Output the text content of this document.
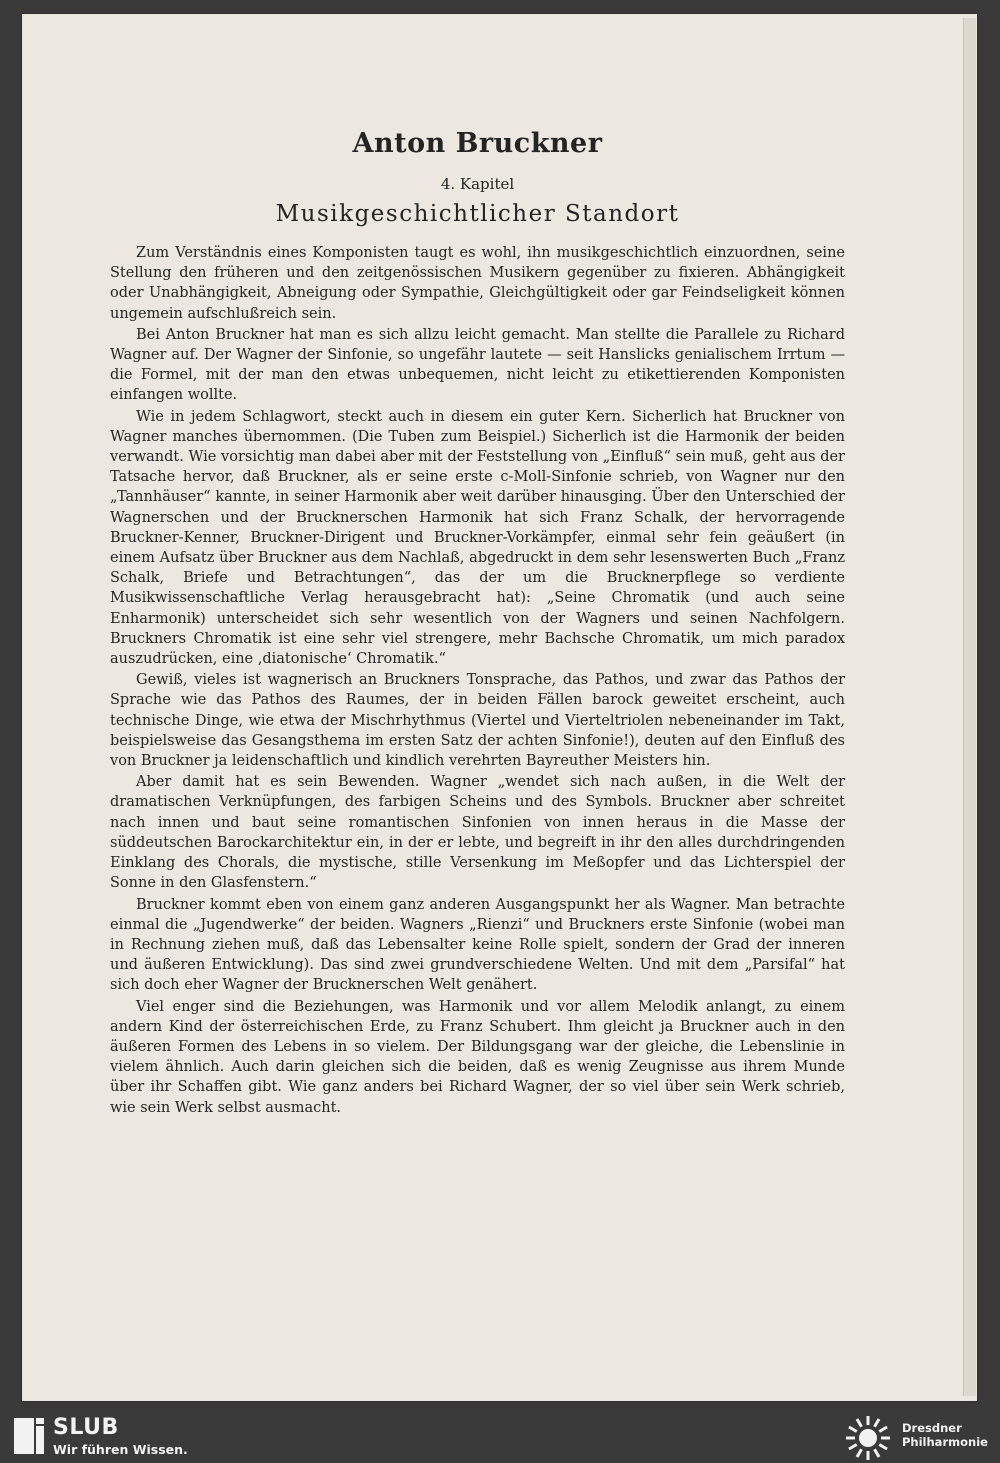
Anton Bruckner
4. Kapitel
Musikgeschichtlicher Standort

Zum Verständnis eines Komponisten taugt es wohl, ihn musikgeschichtlich einzuordnen, seine Stellung den früheren und den zeitgenössischen Musikern gegenüber zu fixieren. Abhängigkeit oder Unabhängigkeit, Abneigung oder Sympathie, Gleichgültigkeit oder gar Feindseligkeit können ungemein aufschlußreich sein.

Bei Anton Bruckner hat man es sich allzu leicht gemacht. Man stellte die Parallele zu Richard Wagner auf. Der Wagner der Sinfonie, so ungefähr lautete — seit Hanslicks genialischem Irrtum — die Formel, mit der man den etwas unbequemen, nicht leicht zu etikettierenden Komponisten einfangen wollte.

Wie in jedem Schlagwort, steckt auch in diesem ein guter Kern. Sicherlich hat Bruckner von Wagner manches übernommen. (Die Tuben zum Beispiel.) Sicherlich ist die Harmonik der beiden verwandt. Wie vorsichtig man dabei aber mit der Feststellung von „Einfluß“ sein muß, geht aus der Tatsache hervor, daß Bruckner, als er seine erste c-Moll-Sinfonie schrieb, von Wagner nur den „Tannhäuser“ kannte, in seiner Harmonik aber weit darüber hinausging. Über den Unterschied der Wagnerschen und der Brucknerschen Harmonik hat sich Franz Schalk, der hervorragende Bruckner-Kenner, Bruckner-Dirigent und Bruckner-Vorkämpfer, einmal sehr fein geäußert (in einem Aufsatz über Bruckner aus dem Nachlaß, abgedruckt in dem sehr lesenswerten Buch „Franz Schalk, Briefe und Betrachtungen“, das der um die Brucknerpflege so verdiente Musikwissenschaftliche Verlag herausgebracht hat): „Seine Chromatik (und auch seine Enharmonik) unterscheidet sich sehr wesentlich von der Wagners und seinen Nachfolgern. Bruckners Chromatik ist eine sehr viel strengere, mehr Bachsche Chromatik, um mich paradox auszudrücken, eine ‚diatonische‘ Chromatik.“

Gewiß, vieles ist wagnerisch an Bruckners Tonsprache, das Pathos, und zwar das Pathos der Sprache wie das Pathos des Raumes, der in beiden Fällen barock geweitet erscheint, auch technische Dinge, wie etwa der Mischrhythmus (Viertel und Vierteltriolen nebeneinander im Takt, beispielsweise das Gesangsthema im ersten Satz der achten Sinfonie!), deuten auf den Einfluß des von Bruckner ja leidenschaftlich und kindlich verehrten Bayreuther Meisters hin.

Aber damit hat es sein Bewenden. Wagner „wendet sich nach außen, in die Welt der dramatischen Verknüpfungen, des farbigen Scheins und des Symbols. Bruckner aber schreitet nach innen und baut seine romantischen Sinfonien von innen heraus in die Masse der süddeutschen Barockarchitektur ein, in der er lebte, und begreift in ihr den alles durchdringenden Einklang des Chorals, die mystische, stille Versenkung im Meßopfer und das Lichterspiel der Sonne in den Glasfenstern.“

Bruckner kommt eben von einem ganz anderen Ausgangspunkt her als Wagner. Man betrachte einmal die „Jugendwerke“ der beiden. Wagners „Rienzi“ und Bruckners erste Sinfonie (wobei man in Rechnung ziehen muß, daß das Lebensalter keine Rolle spielt, sondern der Grad der inneren und äußeren Entwicklung). Das sind zwei grundverschiedene Welten. Und mit dem „Parsifal“ hat sich doch eher Wagner der Brucknerschen Welt genähert.

Viel enger sind die Beziehungen, was Harmonik und vor allem Melodik anlangt, zu einem andern Kind der österreichischen Erde, zu Franz Schubert. Ihm gleicht ja Bruckner auch in den äußeren Formen des Lebens in so vielem. Der Bildungsgang war der gleiche, die Lebenslinie in vielem ähnlich. Auch darin gleichen sich die beiden, daß es wenig Zeugnisse aus ihrem Munde über ihr Schaffen gibt. Wie ganz anders bei Richard Wagner, der so viel über sein Werk schrieb, wie sein Werk selbst ausmacht.

SLUB
Wir führen Wissen.
Dresdner
Philharmonie
